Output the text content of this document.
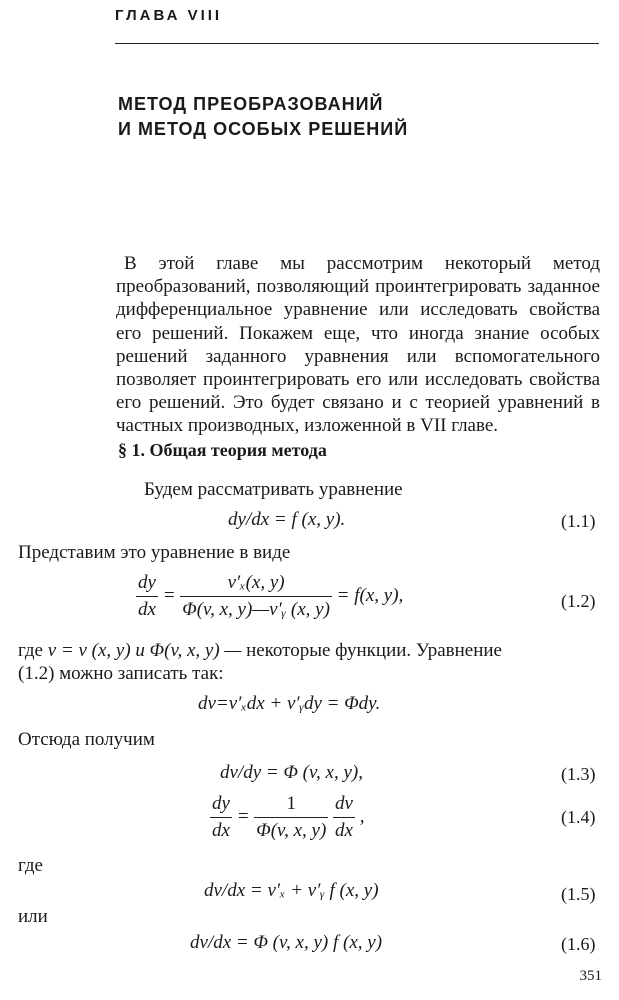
ГЛАВА VIII
МЕТОД ПРЕОБРАЗОВАНИЙ
И МЕТОД ОСОБЫХ РЕШЕНИЙ
В этой главе мы рассмотрим некоторый метод преобразований, позволяющий проинтегрировать заданное дифференциальное уравнение или исследовать свойства его решений. Покажем еще, что иногда знание особых решений заданного уравнения или вспомогательного позволяет проинтегрировать его или исследовать свойства его решений. Это будет связано и с теорией уравнений в частных производных, изложенной в VII главе.
§ 1. Общая теория метода
Будем рассматривать уравнение
dy/dx = f (x, y).	(1.1)
Представим это уравнение в виде
$\frac{dy}{dx} = \frac{\text{v′ₓ(x, y)}}{\text{Φ(v, x, y)—v′ᵧ (x, y)}} = f(x$, y),	(1.2)
где v = v (x, y) и Φ(v, x, y) — некоторые функции. Уравнение
(1.2) можно записать так:
dv=v′ₓdx + v′ᵧdy = Φdy.
Отсюда получим
dv/dy = Φ (v, x, y),	(1.3)
$\frac{dy}{dx} = \frac{1}{\Phi(v, x, y)}$
$\frac{dv}{dx}$ ,	(1.4)
где
dv/dx = v′ₓ + v′ᵧ f (x, y)	(1.5)
или
dv/dx = Φ (v, x, y) f (x, y)	(1.6)
351
